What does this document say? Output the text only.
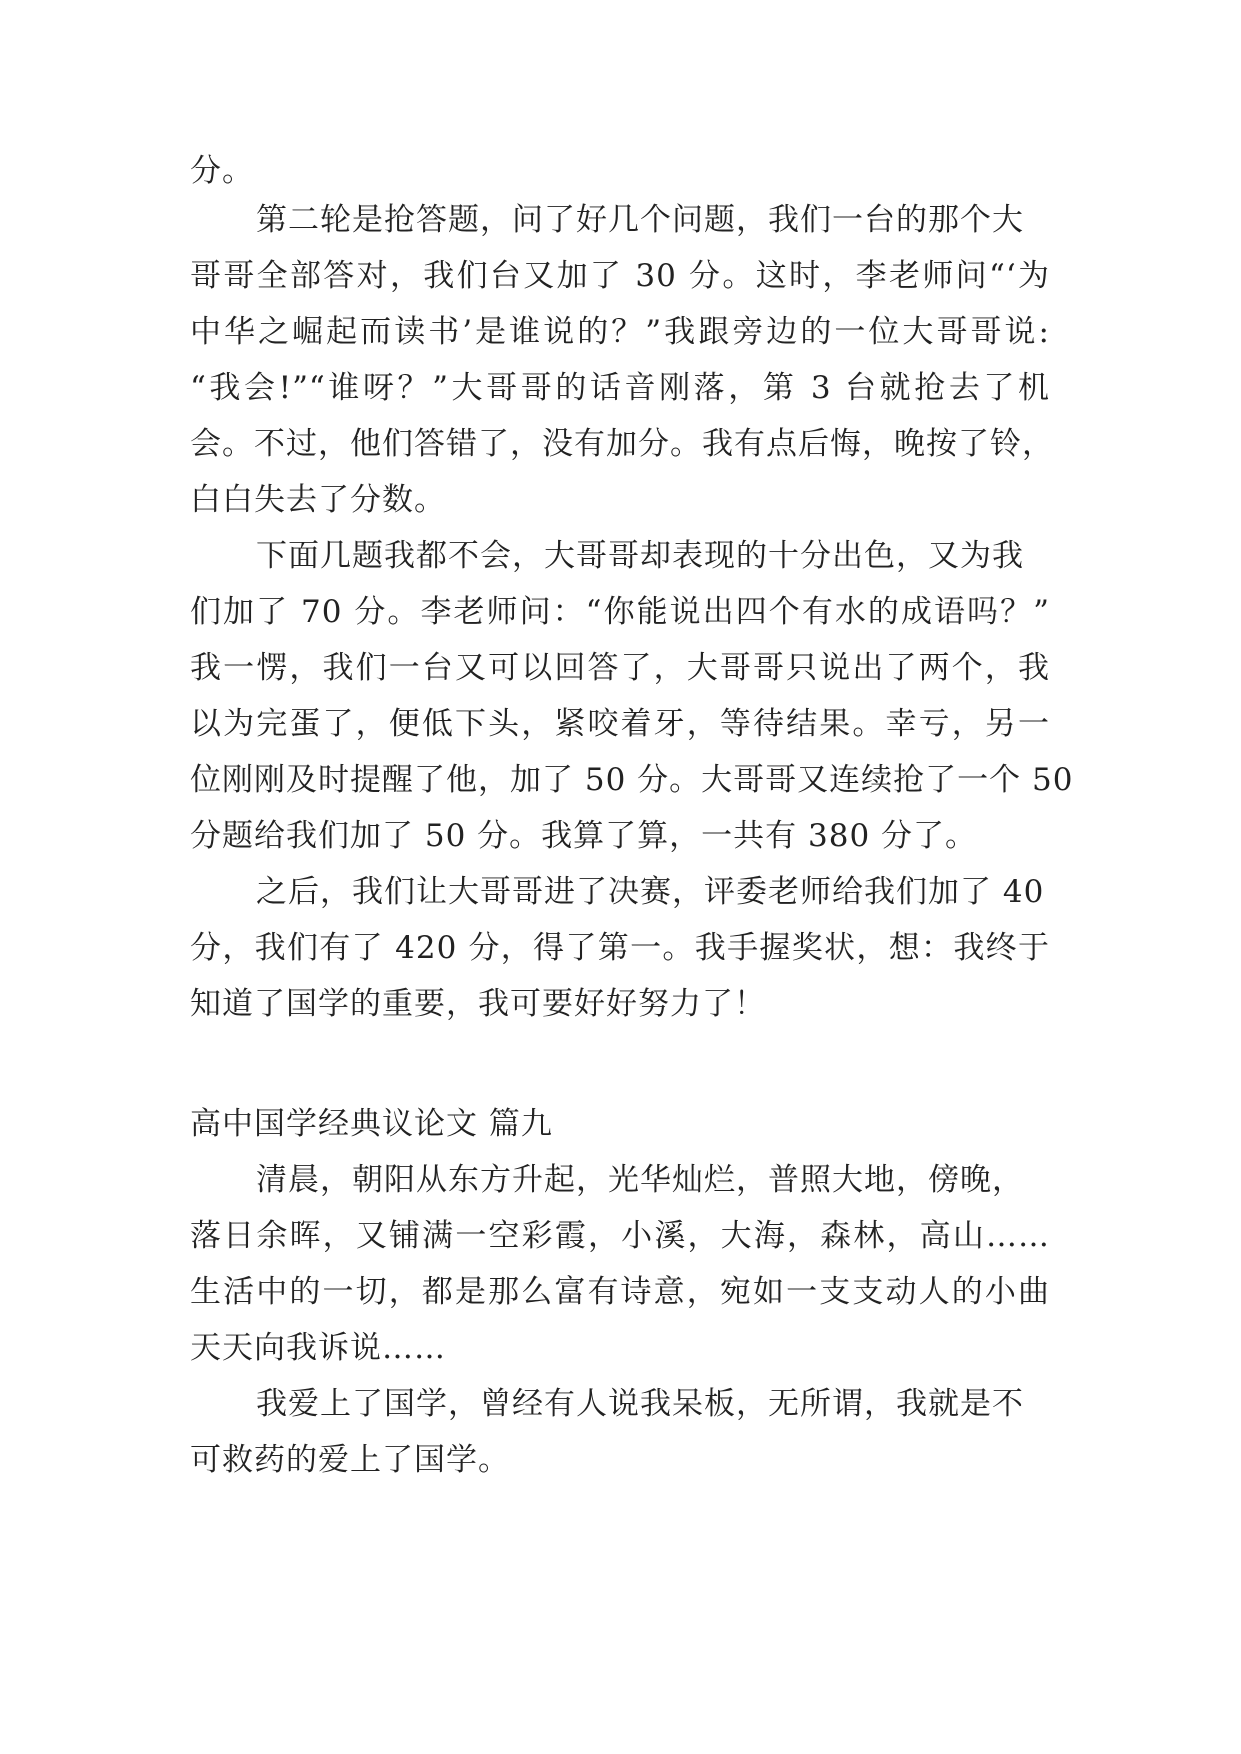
分。
第二轮是抢答题，问了好几个问题，我们一台的那个大
哥哥全部答对，我们台又加了 30 分。这时，李老师问“‘为
中华之崛起而读书’是谁说的？”我跟旁边的一位大哥哥说:
“我会!”“谁呀？”大哥哥的话音刚落，第 3 台就抢去了机
会。不过，他们答错了，没有加分。我有点后悔，晚按了铃，
白白失去了分数。
下面几题我都不会，大哥哥却表现的十分出色，又为我
们加了 70 分。李老师问：“你能说出四个有水的成语吗？”
我一愣，我们一台又可以回答了，大哥哥只说出了两个，我
以为完蛋了，便低下头，紧咬着牙，等待结果。幸亏，另一
位刚刚及时提醒了他，加了 50 分。大哥哥又连续抢了一个 50
分题给我们加了 50 分。我算了算，一共有 380 分了。
之后，我们让大哥哥进了决赛，评委老师给我们加了 40
分，我们有了 420 分，得了第一。我手握奖状，想：我终于
知道了国学的重要，我可要好好努力了！
高中国学经典议论文 篇九
清晨，朝阳从东方升起，光华灿烂，普照大地，傍晚，
落日余晖，又铺满一空彩霞，小溪，大海，森林，高山……
生活中的一切，都是那么富有诗意，宛如一支支动人的小曲
天天向我诉说……
我爱上了国学，曾经有人说我呆板，无所谓，我就是不
可救药的爱上了国学。
